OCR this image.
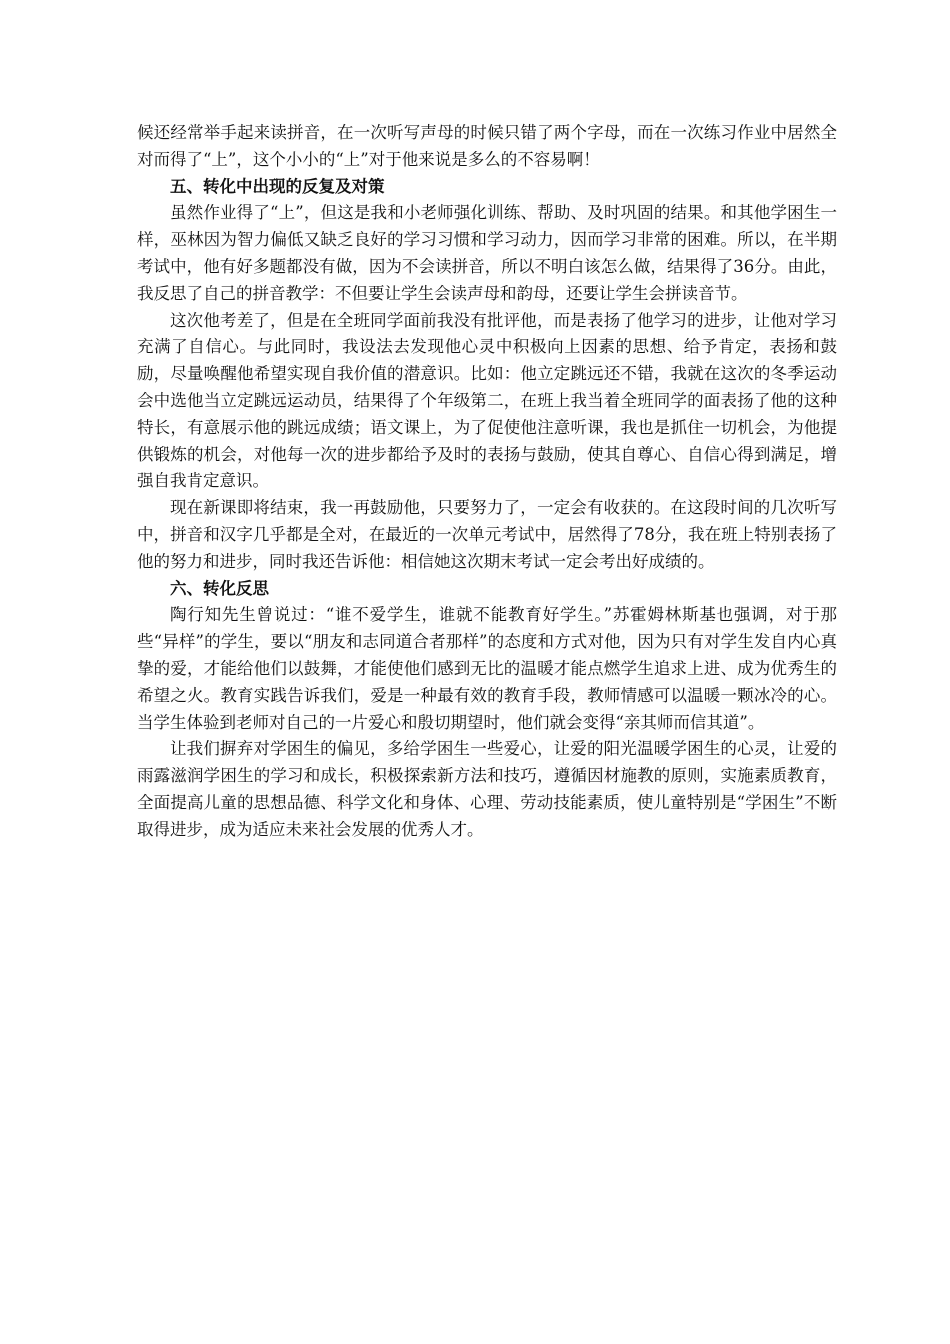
候还经常举手起来读拼音，在一次听写声母的时候只错了两个字母，而在一次练习作业中居然全对而得了“上”，这个小小的“上”对于他来说是多么的不容易啊！

五、转化中出现的反复及对策

虽然作业得了“上”，但这是我和小老师强化训练、帮助、及时巩固的结果。和其他学困生一样，巫林因为智力偏低又缺乏良好的学习习惯和学习动力，因而学习非常的困难。所以，在半期考试中，他有好多题都没有做，因为不会读拼音，所以不明白该怎么做，结果得了36分。由此，我反思了自己的拼音教学：不但要让学生会读声母和韵母，还要让学生会拼读音节。

这次他考差了，但是在全班同学面前我没有批评他，而是表扬了他学习的进步，让他对学习充满了自信心。与此同时，我设法去发现他心灵中积极向上因素的思想、给予肯定，表扬和鼓励，尽量唤醒他希望实现自我价值的潜意识。比如：他立定跳远还不错，我就在这次的冬季运动会中选他当立定跳远运动员，结果得了个年级第二，在班上我当着全班同学的面表扬了他的这种特长，有意展示他的跳远成绩；语文课上，为了促使他注意听课，我也是抓住一切机会，为他提供锻炼的机会，对他每一次的进步都给予及时的表扬与鼓励，使其自尊心、自信心得到满足，增强自我肯定意识。

现在新课即将结束，我一再鼓励他，只要努力了，一定会有收获的。在这段时间的几次听写中，拼音和汉字几乎都是全对，在最近的一次单元考试中，居然得了78分，我在班上特别表扬了他的努力和进步，同时我还告诉他：相信她这次期末考试一定会考出好成绩的。

六、转化反思

陶行知先生曾说过：“谁不爱学生，谁就不能教育好学生。”苏霍姆林斯基也强调，对于那些“异样”的学生，要以“朋友和志同道合者那样”的态度和方式对他，因为只有对学生发自内心真挚的爱，才能给他们以鼓舞，才能使他们感到无比的温暖才能点燃学生追求上进、成为优秀生的希望之火。教育实践告诉我们，爱是一种最有效的教育手段，教师情感可以温暖一颗冰冷的心。当学生体验到老师对自己的一片爱心和殷切期望时，他们就会变得“亲其师而信其道”。

让我们摒弃对学困生的偏见，多给学困生一些爱心，让爱的阳光温暖学困生的心灵，让爱的雨露滋润学困生的学习和成长，积极探索新方法和技巧，遵循因材施教的原则，实施素质教育，全面提高儿童的思想品德、科学文化和身体、心理、劳动技能素质，使儿童特别是“学困生”不断取得进步，成为适应未来社会发展的优秀人才。
